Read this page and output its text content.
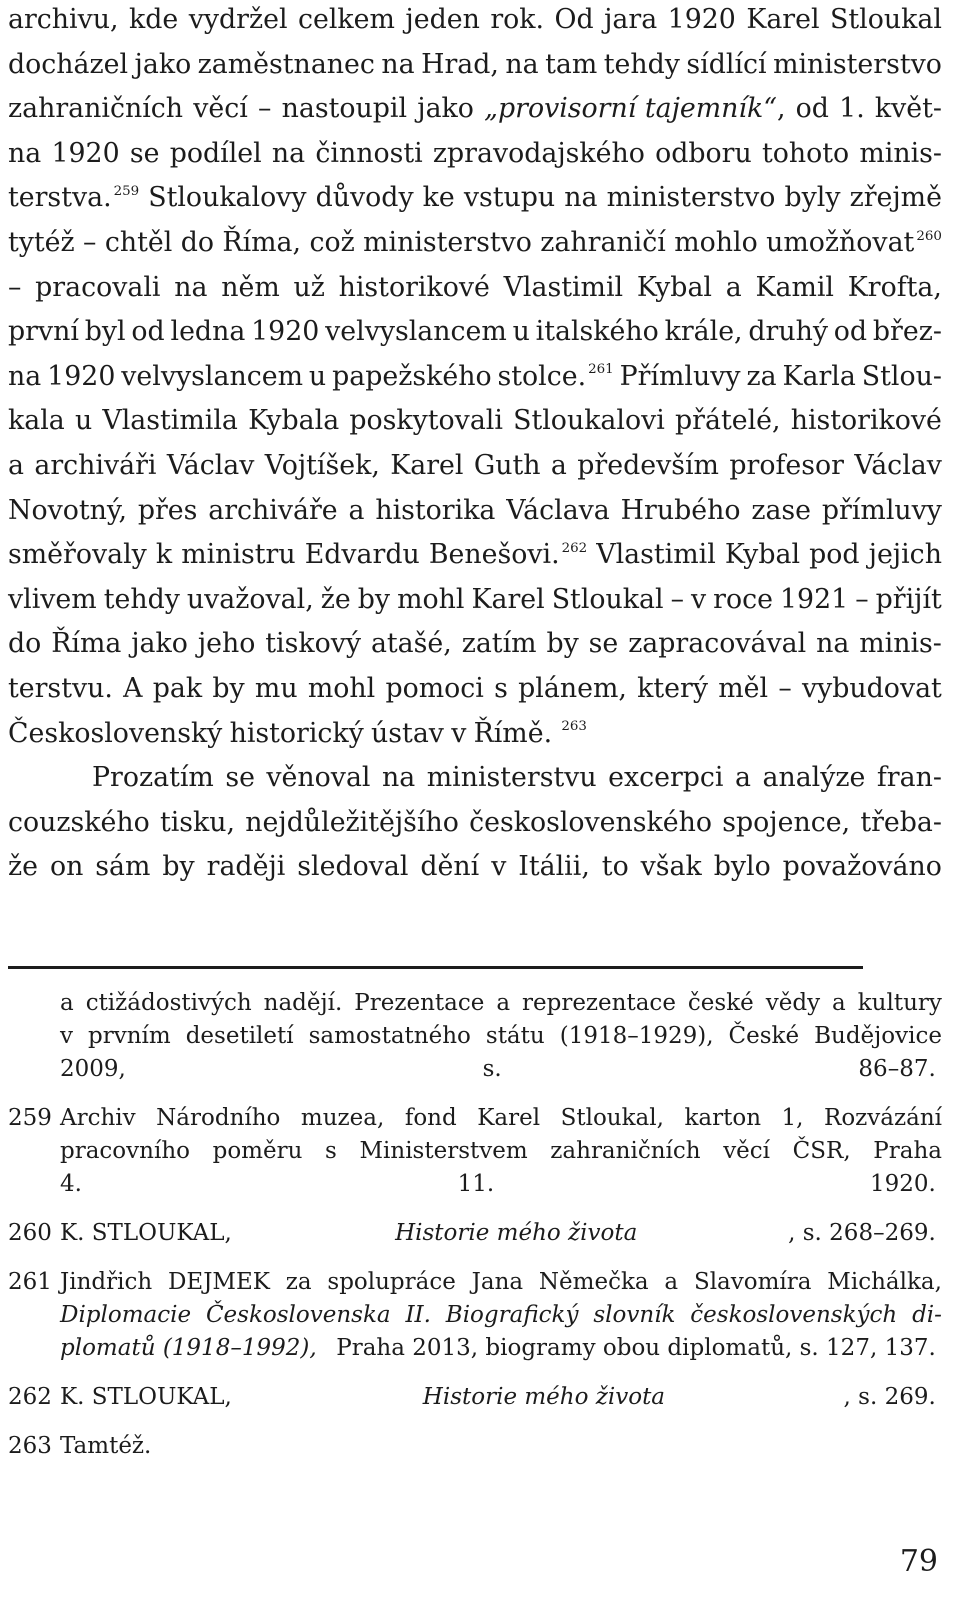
archivu, kde vydržel celkem jeden rok. Od jara 1920 Karel Stloukal
docházel jako zaměstnanec na Hrad, na tam tehdy sídlící ministerstvo
zahraničních věcí – nastoupil jako „provisorní tajemník“, od 1. květ-
na 1920 se podílel na činnosti zpravodajského odboru tohoto minis-
terstva. $^{259}$ Stloukalovy důvody ke vstupu na ministerstvo byly zřejmě
tytéž – chtěl do Říma, což ministerstvo zahraničí mohlo umožňovat $^{260}$
– pracovali na něm už historikové Vlastimil Kybal a Kamil Krofta,
první byl od ledna 1920 velvyslancem u italského krále, druhý od břez-
na 1920 velvyslancem u papežského stolce. $^{261}$ Přímluvy za Karla Stlou-
kala u Vlastimila Kybala poskytovali Stloukalovi přátelé, historikové
a archiváři Václav Vojtíšek, Karel Guth a především profesor Václav
Novotný, přes archiváře a historika Václava Hrubého zase přímluvy
směřovaly k ministru Edvardu Benešovi. $^{262}$ Vlastimil Kybal pod jejich
vlivem tehdy uvažoval, že by mohl Karel Stloukal – v roce 1921 – přijít
do Říma jako jeho tiskový atašé, zatím by se zapracovával na minis-
terstvu. A pak by mu mohl pomoci s plánem, který měl – vybudovat
Československý historický ústav v Římě. $^{263}$
Prozatím se věnoval na ministerstvu excerpci a analýze fran-
couzského tisku, nejdůležitějšího československého spojence, třeba-
že on sám by raději sledoval dění v Itálii, to však bylo považováno
a ctižádostivých nadějí. Prezentace a reprezentace české vědy a kultury
v prvním desetiletí samostatného státu (1918–1929), České Budějovice
2009,	s.	86–87.
259 Archiv Národního muzea, fond Karel Stloukal, karton 1, Rozvázání
pracovního poměru s Ministerstvem zahraničních věcí ČSR, Praha
4.	11.	1920.
260 K. STLOUKAL,	Historie mého života	, s. 268–269.
261 Jindřich DEJMEK za spolupráce Jana Němečka a Slavomíra Michálka,
Diplomacie Československa II. Biografický slovník československých di-
plomatů (1918–1992), Praha 2013, biogramy obou diplomatů, s. 127, 137.
262 K. STLOUKAL,	Historie mého života	, s. 269.
263 Tamtéž.
79
